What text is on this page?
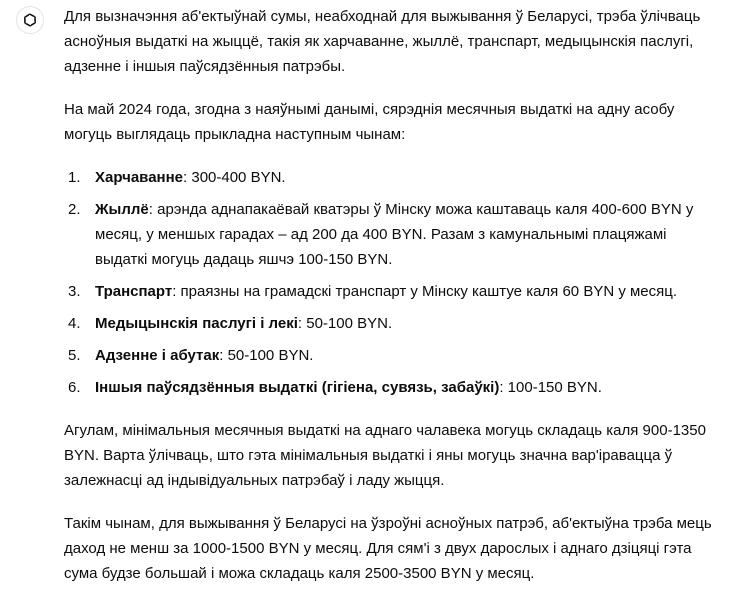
Для вызначэння аб'ектыўнай сумы, неабходнай для выжывання ў Беларусі, трэба ўлічваць асноўныя выдаткі на жыццё, такія як харчаванне, жыллё, транспарт, медыцынскія паслугі, адзенне і іншыя паўсядзённыя патрэбы.

На май 2024 года, згодна з наяўнымі данымі, сярэднія месячныя выдаткі на адну асобу могуць выглядаць прыкладна наступным чынам:

1. Харчаванне: 300-400 BYN.
2. Жыллё: арэнда аднапакаёвай кватэры ў Мінску можа каштаваць каля 400-600 BYN у месяц, у меншых гарадах – ад 200 да 400 BYN. Разам з камунальнымі плацяжамі выдаткі могуць дадаць яшчэ 100-150 BYN.
3. Транспарт: праязны на грамадскі транспарт у Мінску каштуе каля 60 BYN у месяц.
4. Медыцынскія паслугі і лекі: 50-100 BYN.
5. Адзенне і абутак: 50-100 BYN.
6. Іншыя паўсядзённыя выдаткі (гігіена, сувязь, забаўкі): 100-150 BYN.

Агулам, мінімальныя месячныя выдаткі на аднаго чалавека могуць складаць каля 900-1350 BYN. Варта ўлічваць, што гэта мінімальныя выдаткі і яны могуць значна вар'іравацца ў залежнасці ад індывідуальных патрэбаў і ладу жыцця.

Такім чынам, для выжывання ў Беларусі на ўзроўні асноўных патрэб, аб'ектыўна трэба мець даход не менш за 1000-1500 BYN у месяц. Для сям'і з двух дарослых і аднаго дзіцяці гэта сума будзе большай і можа складаць каля 2500-3500 BYN у месяц.
